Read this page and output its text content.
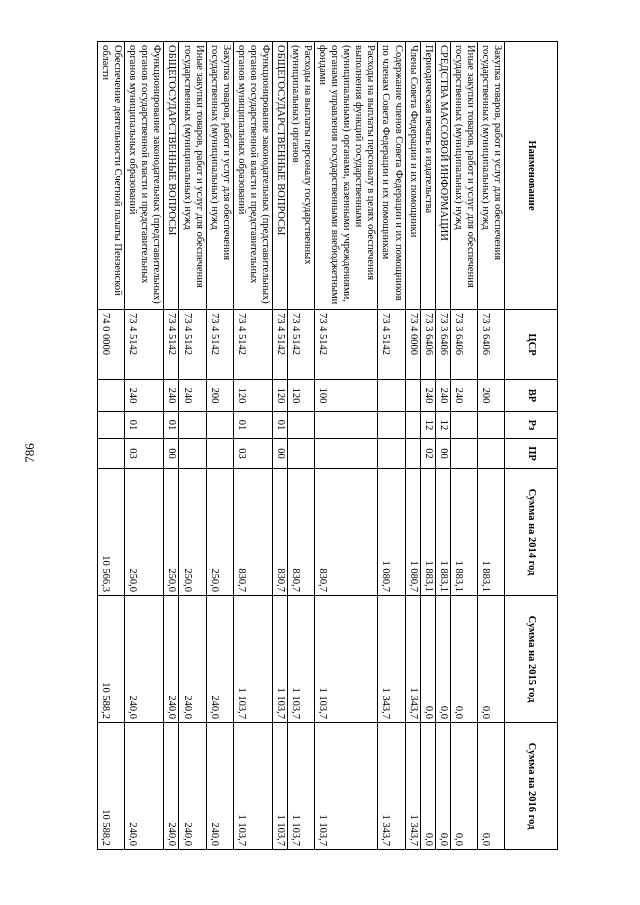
786
Наименование	ЦСР	ВР	Рз	ПР	Сумма на 2014 год	Сумма на 2015 год	Сумма на 2016 год
Закупка товаров, работ и услуг для обеспечения государственных (муниципальных) нужд	73 3 6406	200			1 883,1	0,0	0,0
Иные закупки товаров, работ и услуг для обеспечения государственных (муниципальных) нужд	73 3 6406	240			1 883,1	0,0	0,0
СРЕДСТВА МАССОВОЙ ИНФОРМАЦИИ	73 3 6406	240	12	00	1 883,1	0,0	0,0
Периодическая печать и издательства	73 3 6406	240	12	02	1 883,1	0,0	0,0
Члены Совета Федерации и их помощники	73 4 0000				1 080,7	1 343,7	1 343,7
Содержание членов Совета Федерации и их помощников по членам Совета Федерации и их помощникам	73 4 5142				1 080,7	1 343,7	1 343,7
Расходы на выплаты персоналу в целях обеспечения выполнения функций государственными (муниципальными) органами, казенными учреждениями, органами управления государственными внебюджетными фондами	73 4 5142	100			830,7	1 103,7	1 103,7
Расходы на выплаты персоналу государственных (муниципальных) органов	73 4 5142	120			830,7	1 103,7	1 103,7
ОБЩЕГОСУДАРСТВЕННЫЕ ВОПРОСЫ	73 4 5142	120	01	00	830,7	1 103,7	1 103,7
Функционирование законодательных (представительных) органов государственной власти и представительных органов муниципальных образований	73 4 5142	120	01	03	830,7	1 103,7	1 103,7
Закупка товаров, работ и услуг для обеспечения государственных (муниципальных) нужд	73 4 5142	200			250,0	240,0	240,0
Иные закупки товаров, работ и услуг для обеспечения государственных (муниципальных) нужд	73 4 5142	240			250,0	240,0	240,0
ОБЩЕГОСУДАРСТВЕННЫЕ ВОПРОСЫ	73 4 5142	240	01	00	250,0	240,0	240,0
Функционирование законодательных (представительных) органов государственной власти и представительных органов муниципальных образований	73 4 5142	240	01	03	250,0	240,0	240,0
Обеспечение деятельности Счетной палаты Пензенской области	74 0 0000				10 566,3	10 588,2	10 588,2
